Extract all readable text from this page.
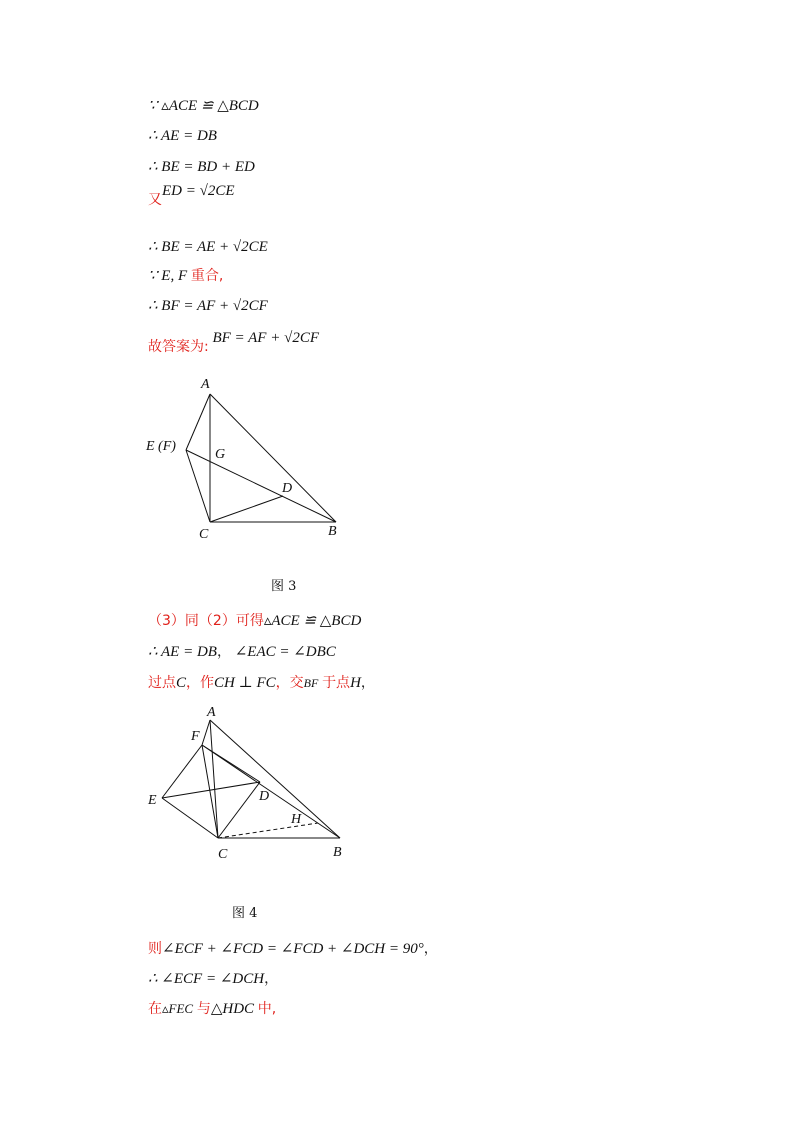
∵ ▵ACE ≌ △BCD
∴ AE = DB
∴ BE = BD + ED
又ED = √2CE
∴ BE = AE + √2CE
∵ E, F 重合,
∴ BF = AF + √2CF
故答案为: BF = AF + √2CF
（3）同（2）可得▵ACE ≌ △BCD
∴ AE = DB， ∠EAC = ∠DBC
过点C，作CH ⊥ FC，交BF 于点H，
则∠ECF + ∠FCD = ∠FCD + ∠DCH = 90°，
∴ ∠ECF = ∠DCH，
在▵FEC 与△HDC 中,
A
E (F)
G
D
C	B
图 3
A
F
E	D
H
C	B
图 4
